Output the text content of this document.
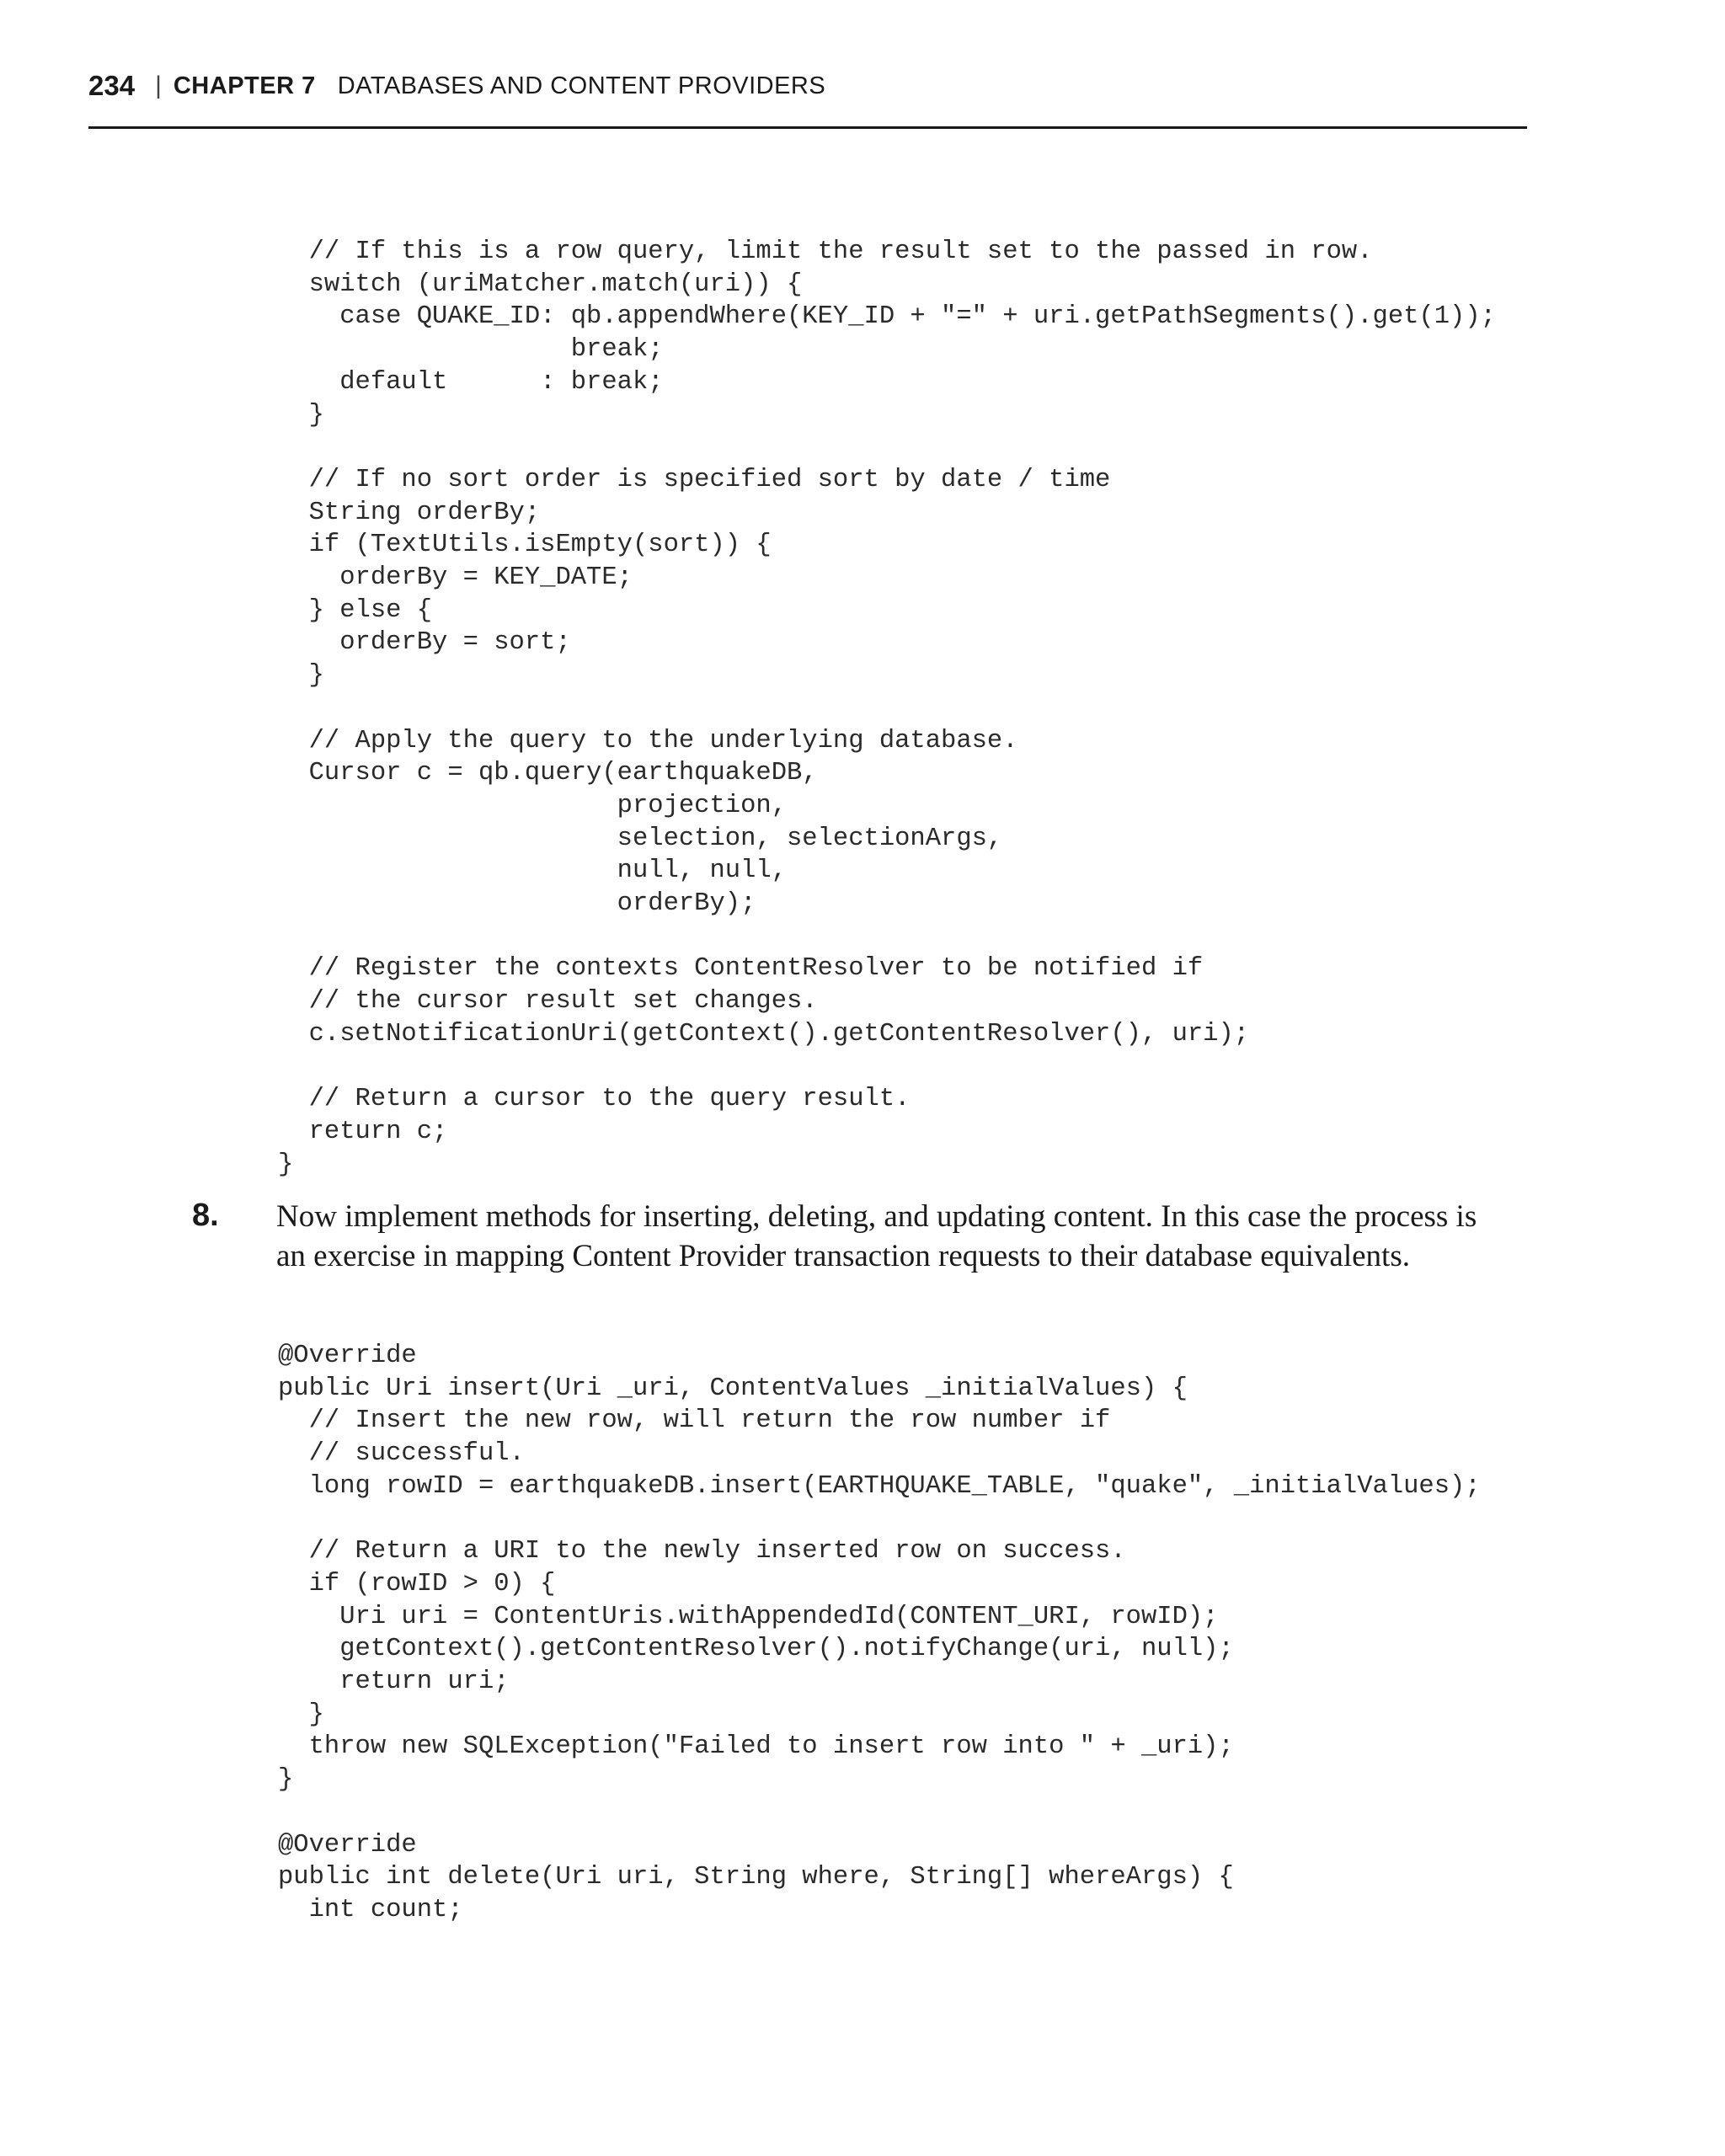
234 | CHAPTER 7 DATABASES AND CONTENT PROVIDERS
// If this is a row query, limit the result set to the passed in row.
switch (uriMatcher.match(uri)) {
case QUAKE_ID: qb.appendWhere(KEY_ID + "=" + uri.getPathSegments().get(1));
break;
default      : break;
}

// If no sort order is specified sort by date / time
String orderBy;
if (TextUtils.isEmpty(sort)) {
orderBy = KEY_DATE;
} else {
orderBy = sort;
}

// Apply the query to the underlying database.
Cursor c = qb.query(earthquakeDB,
projection,
selection, selectionArgs,
null, null,
orderBy);

// Register the contexts ContentResolver to be notified if
// the cursor result set changes.
c.setNotificationUri(getContext().getContentResolver(), uri);

// Return a cursor to the query result.
return c;
}
8. Now implement methods for inserting, deleting, and updating content. In this case the process is an exercise in mapping Content Provider transaction requests to their database equivalents.

@Override
public Uri insert(Uri _uri, ContentValues _initialValues) {
// Insert the new row, will return the row number if
// successful.
long rowID = earthquakeDB.insert(EARTHQUAKE_TABLE, "quake", _initialValues);

// Return a URI to the newly inserted row on success.
if (rowID > 0) {
Uri uri = ContentUris.withAppendedId(CONTENT_URI, rowID);
getContext().getContentResolver().notifyChange(uri, null);
return uri;
}
throw new SQLException("Failed to insert row into " + _uri);
}

@Override
public int delete(Uri uri, String where, String[] whereArgs) {
int count;
